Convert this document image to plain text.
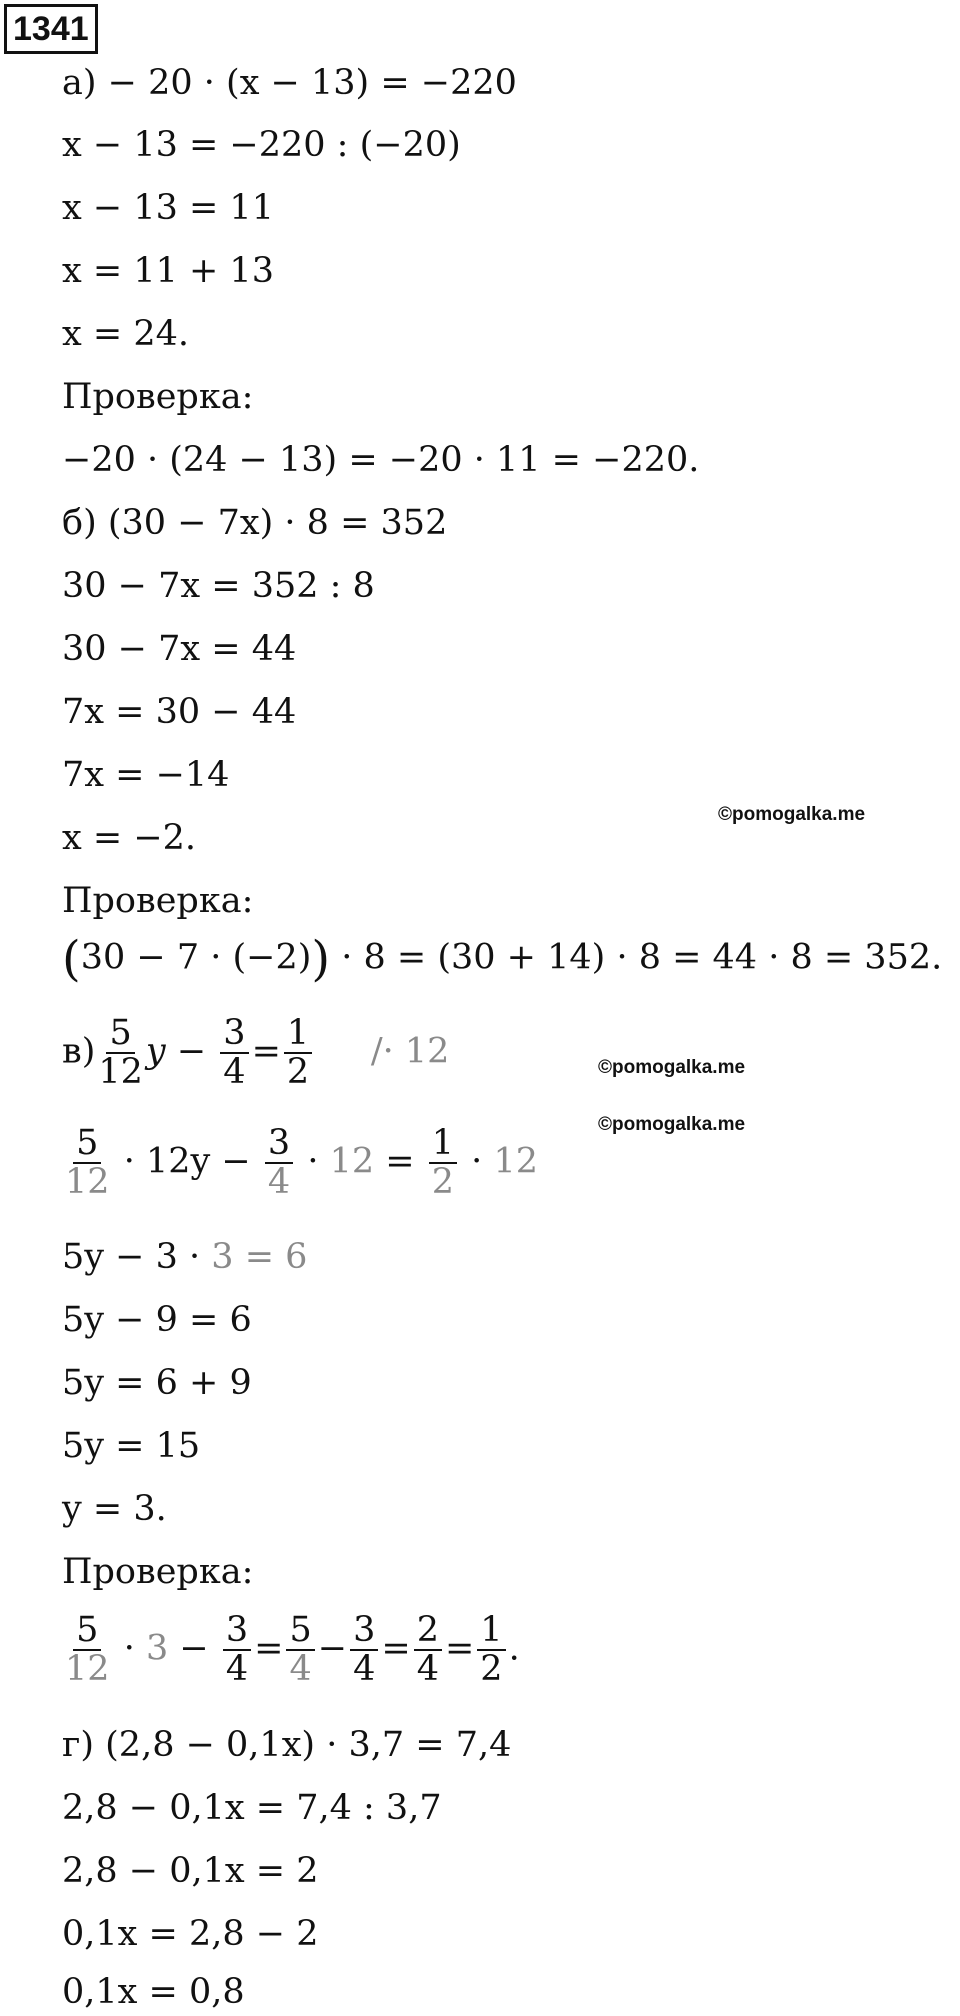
1341
а) − 20 · (x − 13) = −220
x − 13 = −220 : (−20)
x − 13 = 11
x = 11 + 13
x = 24.
Проверка:
−20 · (24 − 13) = −20 · 11 = −220.
б) (30 − 7x) · 8 = 352
30 − 7x = 352 : 8
30 − 7x = 44
7x = 30 − 44
7x = −14
x = −2.
Проверка:
(30 − 7 · (−2)) · 8 = (30 + 14) · 8 = 44 · 8 = 352.
©pomogalka.me
©pomogalka.me
©pomogalka.me
$в) \frac{5}{12}$ $y - \frac{3}{4} = \frac{1}{2} /\cdot 12$
$\frac{5}{12} \cdot 12y - \frac{3}{4} \cdot 12 = \frac{1}{2} \cdot 12$
5y − 3 · 3 = 6
5y − 9 = 6
5y = 6 + 9
5y = 15
y = 3.
Проверка:
$\frac{5}{12} \cdot 3 - \frac{3}{4} = \frac{5}{4} - \frac{3}{4} = \frac{2}{4} = \frac{1}{2}$ .
г) (2,8 − 0,1x) · 3,7 = 7,4
2,8 − 0,1x = 7,4 : 3,7
2,8 − 0,1x = 2
0,1x = 2,8 − 2
0,1x = 0,8
